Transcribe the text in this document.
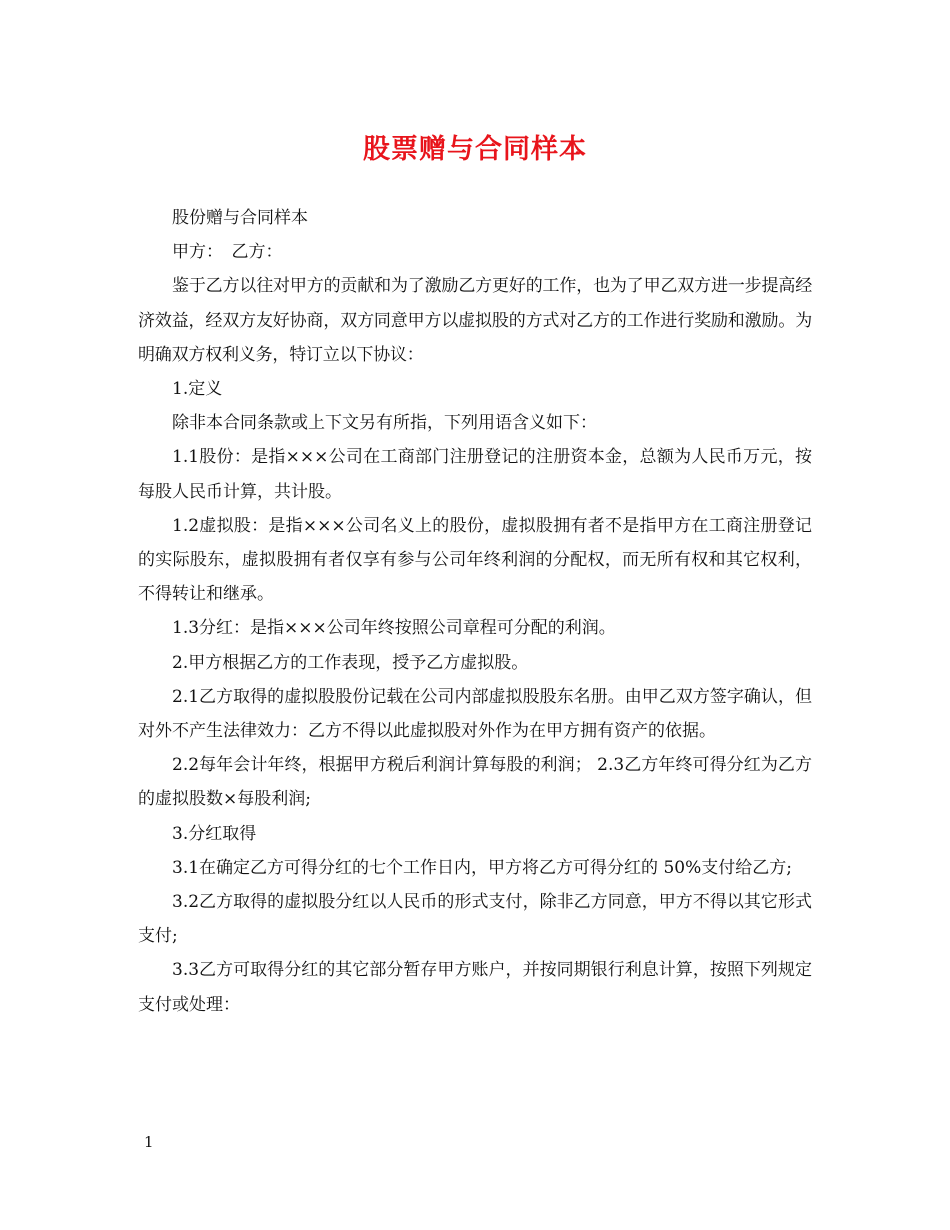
股票赠与合同样本

股份赠与合同样本

甲方：　乙方：

鉴于乙方以往对甲方的贡献和为了激励乙方更好的工作，也为了甲乙双方进一步提高经济效益，经双方友好协商，双方同意甲方以虚拟股的方式对乙方的工作进行奖励和激励。为明确双方权利义务，特订立以下协议：

1.定义

除非本合同条款或上下文另有所指，下列用语含义如下：

1.1股份：是指×××公司在工商部门注册登记的注册资本金，总额为人民币万元，按每股人民币计算，共计股。

1.2虚拟股：是指×××公司名义上的股份，虚拟股拥有者不是指甲方在工商注册登记的实际股东，虚拟股拥有者仅享有参与公司年终利润的分配权，而无所有权和其它权利，不得转让和继承。

1.3分红：是指×××公司年终按照公司章程可分配的利润。

2.甲方根据乙方的工作表现，授予乙方虚拟股。

2.1乙方取得的虚拟股股份记载在公司内部虚拟股股东名册。由甲乙双方签字确认，但对外不产生法律效力：乙方不得以此虚拟股对外作为在甲方拥有资产的依据。

2.2每年会计年终，根据甲方税后利润计算每股的利润； 2.3乙方年终可得分红为乙方的虚拟股数×每股利润;

3.分红取得

3.1在确定乙方可得分红的七个工作日内，甲方将乙方可得分红的 50%支付给乙方;

3.2乙方取得的虚拟股分红以人民币的形式支付，除非乙方同意，甲方不得以其它形式支付;

3.3乙方可取得分红的其它部分暂存甲方账户，并按同期银行利息计算，按照下列规定支付或处理：

1
